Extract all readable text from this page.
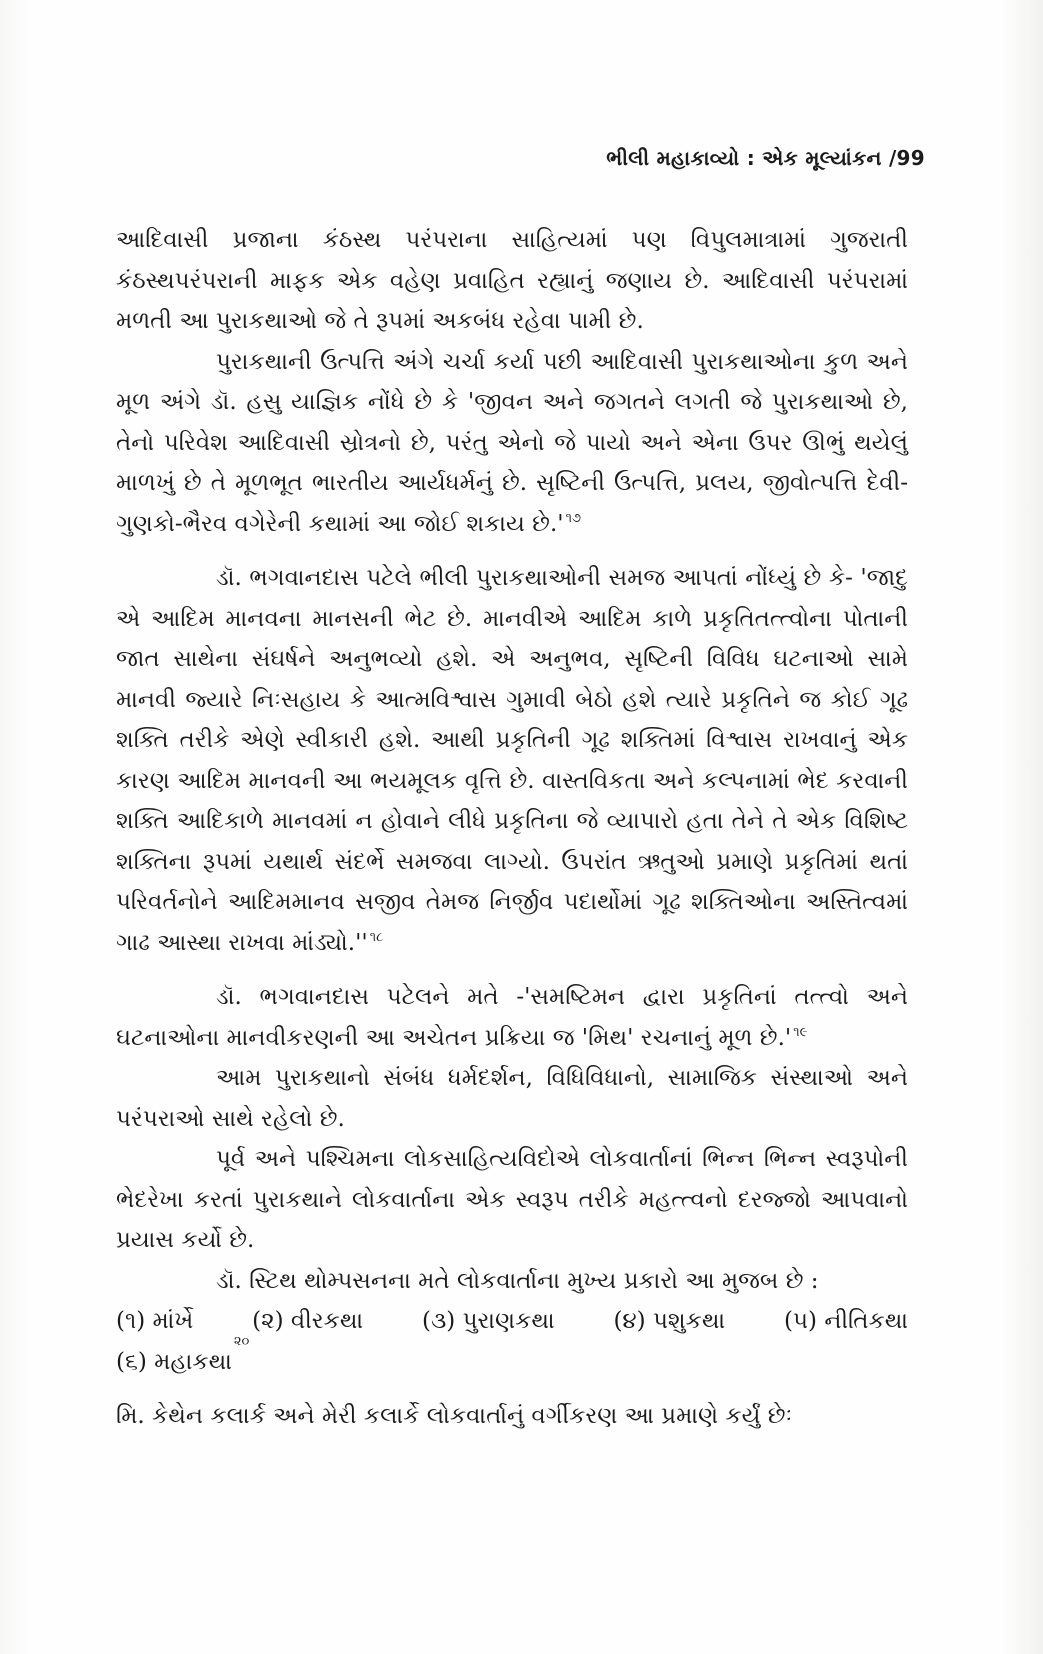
ભીલી મહાકાવ્યો : એક મૂલ્યાંકન /99

આદિવાસી પ્રજાના કંઠસ્થ પરંપરાના સાહિત્યમાં પણ વિપુલમાત્રામાં ગુજરાતી કંઠસ્થપરંપરાની માફક એક વહેણ પ્રવાહિત રહ્યાનું જણાય છે. આદિવાસી પરંપરામાં મળતી આ પુરાકથાઓ જે તે રૂપમાં અકબંધ રહેવા પામી છે.

પુરાકથાની ઉત્પત્તિ અંગે ચર્ચા કર્યા પછી આદિવાસી પુરાકથાઓના કુળ અને મૂળ અંગે ડૉ. હસુ યાજ્ઞિક નોંધે છે કે 'જીવન અને જગતને લગતી જે પુરાકથાઓ છે, તેનો પરિવેશ આદિવાસી સ્રોત્રનો છે, પરંતુ એનો જે પાયો અને એના ઉપર ઊભું થયેલું માળખું છે તે મૂળભૂત ભારતીય આર્યધર્મનું છે. સૃષ્ટિની ઉત્પત્તિ, પ્રલય, જીવોત્પત્તિ દેવી-ગુણકો-ભૈરવ વગેરેની કથામાં આ જોઈ શકાય છે.' $^{૧૭}$

ડૉ. ભગવાનદાસ પટેલે ભીલી પુરાકથાઓની સમજ આપતાં નોંધ્યું છે કે- 'જાદુ એ આદિમ માનવના માનસની ભેટ છે. માનવીએ આદિમ કાળે પ્રકૃતિતત્ત્વોના પોતાની જાત સાથેના સંઘર્ષને અનુભવ્યો હશે. એ અનુભવ, સૃષ્ટિની વિવિધ ઘટનાઓ સામે માનવી જ્યારે નિઃસહાય કે આત્મવિશ્વાસ ગુમાવી બેઠો હશે ત્યારે પ્રકૃતિને જ કોઈ ગૂઢ શક્તિ તરીકે એણે સ્વીકારી હશે. આથી પ્રકૃતિની ગૂઢ શક્તિમાં વિશ્વાસ રાખવાનું એક કારણ આદિમ માનવની આ ભયમૂલક વૃત્તિ છે. વાસ્તવિકતા અને કલ્પનામાં ભેદ કરવાની શક્તિ આદિકાળે માનવમાં ન હોવાને લીધે પ્રકૃતિના જે વ્યાપારો હતા તેને તે એક વિશિષ્ટ શક્તિના રૂપમાં યથાર્થ સંદર્ભે સમજવા લાગ્યો. ઉપરાંત ઋતુઓ પ્રમાણે પ્રકૃતિમાં થતાં પરિવર્તનોને આદિમમાનવ સજીવ તેમજ નિર્જીવ પદાર્થોમાં ગૂઢ શક્તિઓના અસ્તિત્વમાં ગાઢ આસ્થા રાખવા માંડ્યો.'' $^{૧૮}$

ડૉ. ભગવાનદાસ પટેલને મતે -'સમષ્ટિમન દ્વારા પ્રકૃતિનાં તત્ત્વો અને ઘટનાઓના માનવીકરણની આ અચેતન પ્રક્રિયા જ 'મિથ' રચનાનું મૂળ છે.' $^{૧૯}$

આમ પુરાકથાનો સંબંધ ધર્મદર્શન, વિધિવિધાનો, સામાજિક સંસ્થાઓ અને પરંપરાઓ સાથે રહેલો છે.

પૂર્વ અને પશ્ચિમના લોકસાહિત્યવિદોએ લોકવાર્તાનાં ભિન્ન ભિન્ન સ્વરૂપોની ભેદરેખા કરતાં પુરાકથાને લોકવાર્તાના એક સ્વરૂપ તરીકે મહત્ત્વનો દરજ્જો આપવાનો પ્રયાસ કર્યો છે.

ડૉ. સ્ટિથ થોમ્પસનના મતે લોકવાર્તાના મુખ્ય પ્રકારો આ મુજબ છે :

(૧) માંર્ખે	(૨) વીરકથા	(૩) પુરાણકથા	(૪) પશુકથા	(૫) નીતિકથા
(૬) મહાકથા
૨૦

મિ. કેથેન કલાર્ક અને મેરી કલાર્કે લોકવાર્તાનું વર્ગીકરણ આ પ્રમાણે કર્યું છેઃ
